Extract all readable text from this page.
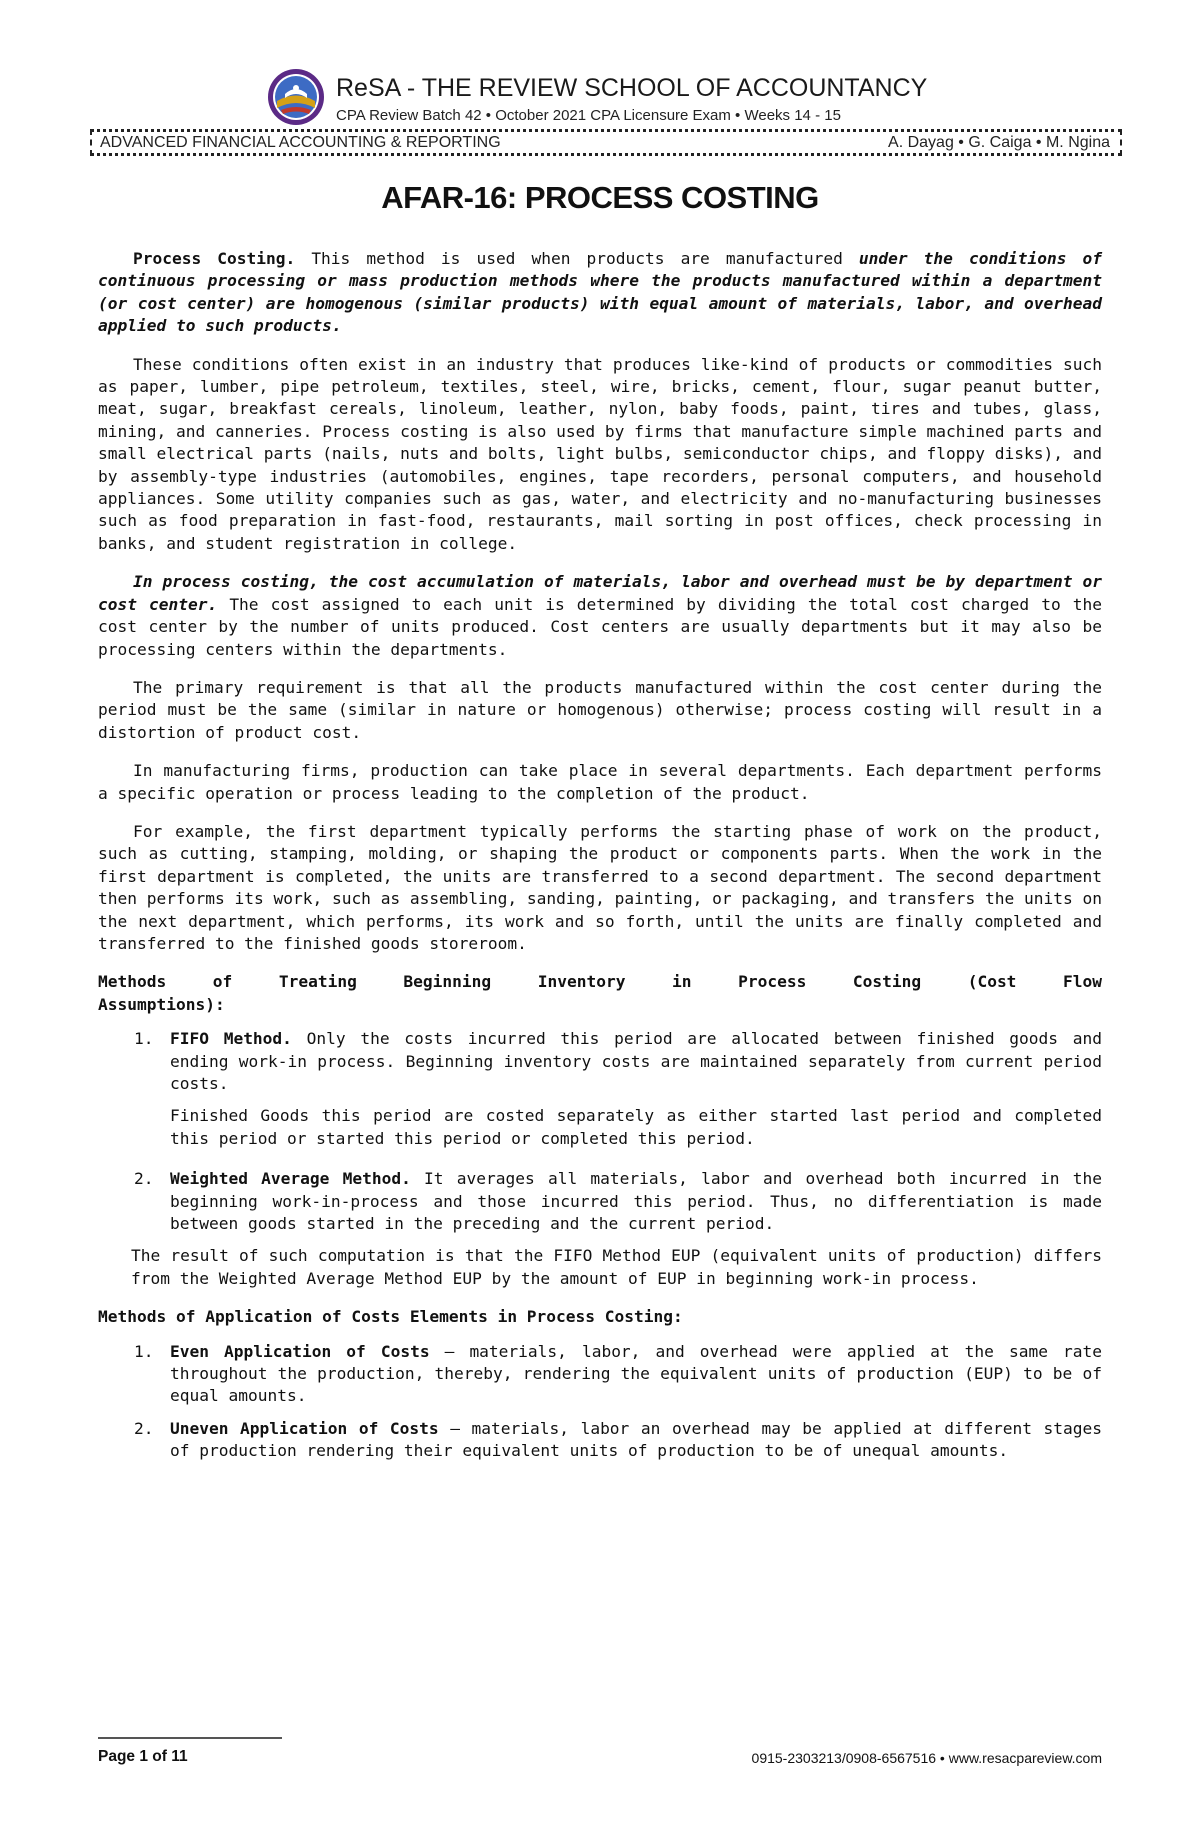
ReSA - THE REVIEW SCHOOL OF ACCOUNTANCY
CPA Review Batch 42 • October 2021 CPA Licensure Exam • Weeks 14 - 15
ADVANCED FINANCIAL ACCOUNTING & REPORTING	A. Dayag • G. Caiga • M. Ngina
AFAR-16: PROCESS COSTING

Process Costing. This method is used when products are manufactured under the conditions of continuous processing or mass production methods where the products manufactured within a department (or cost center) are homogenous (similar products) with equal amount of materials, labor, and overhead applied to such products.

These conditions often exist in an industry that produces like-kind of products or commodities such as paper, lumber, pipe petroleum, textiles, steel, wire, bricks, cement, flour, sugar peanut butter, meat, sugar, breakfast cereals, linoleum, leather, nylon, baby foods, paint, tires and tubes, glass, mining, and canneries. Process costing is also used by firms that manufacture simple machined parts and small electrical parts (nails, nuts and bolts, light bulbs, semiconductor chips, and floppy disks), and by assembly-type industries (automobiles, engines, tape recorders, personal computers, and household appliances. Some utility companies such as gas, water, and electricity and no-manufacturing businesses such as food preparation in fast-food, restaurants, mail sorting in post offices, check processing in banks, and student registration in college.

In process costing, the cost accumulation of materials, labor and overhead must be by department or cost center. The cost assigned to each unit is determined by dividing the total cost charged to the cost center by the number of units produced. Cost centers are usually departments but it may also be processing centers within the departments.

The primary requirement is that all the products manufactured within the cost center during the period must be the same (similar in nature or homogenous) otherwise; process costing will result in a distortion of product cost.

In manufacturing firms, production can take place in several departments. Each department performs a specific operation or process leading to the completion of the product.

For example, the first department typically performs the starting phase of work on the product, such as cutting, stamping, molding, or shaping the product or components parts. When the work in the first department is completed, the units are transferred to a second department. The second department then performs its work, such as assembling, sanding, painting, or packaging, and transfers the units on the next department, which performs, its work and so forth, until the units are finally completed and transferred to the finished goods storeroom.

Methods of Treating Beginning Inventory in Process Costing (Cost Flow
Assumptions):
1. FIFO Method. Only the costs incurred this period are allocated between finished goods and ending work-in process. Beginning inventory costs are maintained separately from current period costs.

Finished Goods this period are costed separately as either started last period and completed this period or started this period or completed this period.

2. Weighted Average Method. It averages all materials, labor and overhead both incurred in the beginning work-in-process and those incurred this period. Thus, no differentiation is made between goods started in the preceding and the current period.

The result of such computation is that the FIFO Method EUP (equivalent units of production) differs from the Weighted Average Method EUP by the amount of EUP in beginning work-in process.

Methods of Application of Costs Elements in Process Costing:
1. Even Application of Costs – materials, labor, and overhead were applied at the same rate throughout the production, thereby, rendering the equivalent units of production (EUP) to be of equal amounts.
2. Uneven Application of Costs – materials, labor an overhead may be applied at different stages of production rendering their equivalent units of production to be of unequal amounts.
Page 1 of 11	0915-2303213/0908-6567516 • www.resacpareview.com
